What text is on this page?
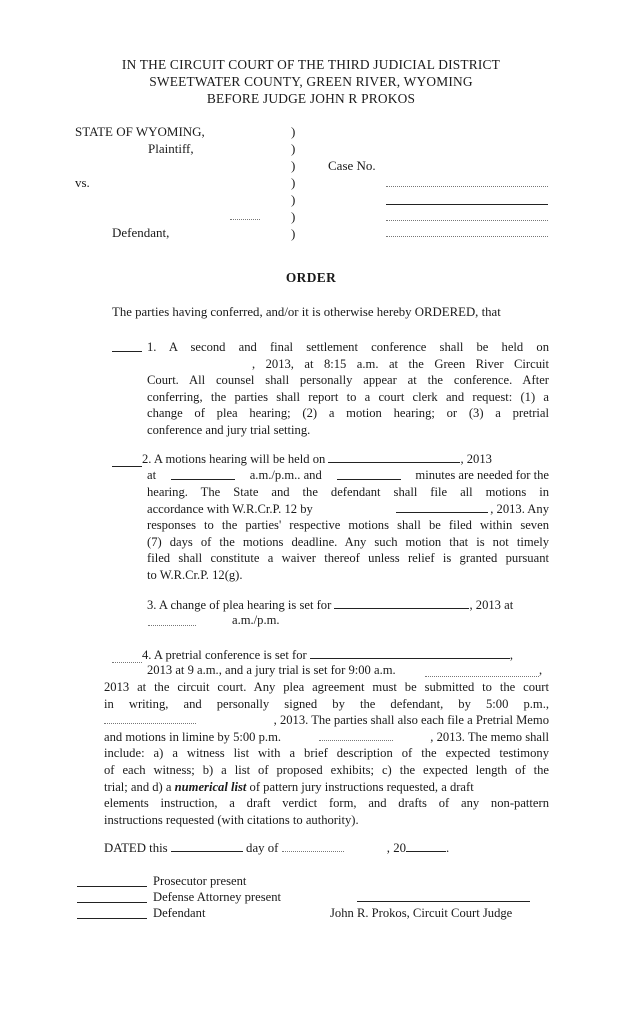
IN THE CIRCUIT COURT OF THE THIRD JUDICIAL DISTRICT
SWEETWATER COUNTY, GREEN RIVER, WYOMING
BEFORE JUDGE JOHN R PROKOS
STATE OF WYOMING,
Plaintiff,
vs.
Defendant,
Case No.
)
)
)
)
)
)
)
ORDER
The parties having conferred, and/or it is otherwise hereby ORDERED, that
1. A second and final settlement conference shall be held on
, 2013, at 8:15 a.m. at the Green River Circuit
Court. All counsel shall personally appear at the conference. After
conferring, the parties shall report to a court clerk and request: (1) a
change of plea hearing; (2) a motion hearing; or (3) a pretrial
conference and jury trial setting.
2. A motions hearing will be held on	, 2013
at	a.m./p.m.. and	minutes are needed for the
hearing. The State and the defendant shall file all motions in
accordance with W.R.Cr.P. 12 by	, 2013. Any
responses to the parties' respective motions shall be filed within seven
(7) days of the motions deadline. Any such motion that is not timely
filed shall constitute a waiver thereof unless relief is granted pursuant
to W.R.Cr.P. 12(g).
3. A change of plea hearing is set for	, 2013 at
a.m./p.m.
4. A pretrial conference is set for	,
2013 at 9 a.m., and a jury trial is set for 9:00 a.m.	,
2013 at the circuit court. Any plea agreement must be submitted to the court
in writing, and personally signed by the defendant, by 5:00 p.m.,
, 2013. The parties shall also each file a Pretrial Memo
and motions in limine by 5:00 p.m.	, 2013. The memo shall
include: a) a witness list with a brief description of the expected testimony
of each witness; b) a list of proposed exhibits; c) the expected length of the
trial; and d) a numerical list of pattern jury instructions requested, a draft
elements instruction, a draft verdict form, and drafts of any non-pattern
instructions requested (with citations to authority).
DATED this	day of	, 20	.
Prosecutor present
Defense Attorney present
Defendant	John R. Prokos, Circuit Court Judge
